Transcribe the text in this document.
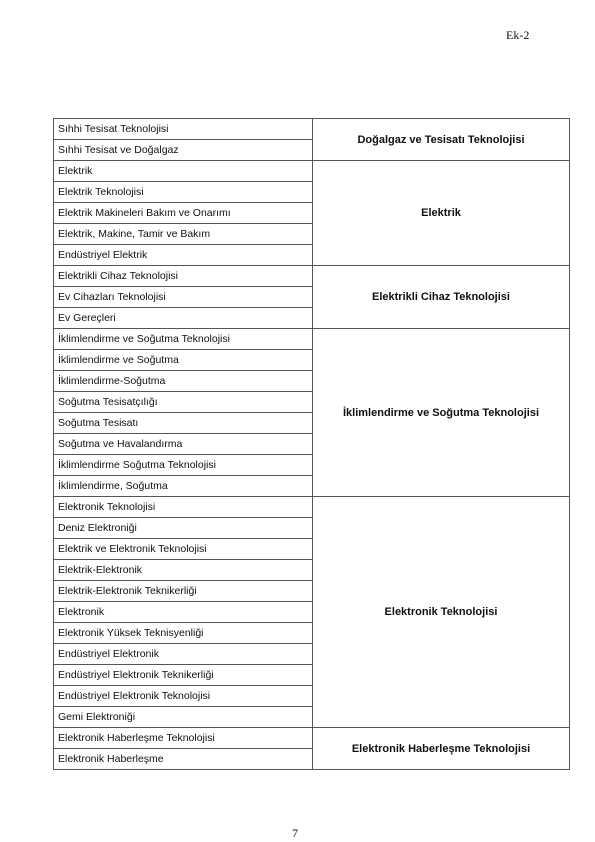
Ek-2
Sıhhi Tesisat Teknolojisi	Doğalgaz ve Tesisatı Teknolojisi
Sıhhi Tesisat ve Doğalgaz	
Elektrik	Elektrik
Elektrik Teknolojisi	
Elektrik Makineleri Bakım ve Onarımı	
Elektrik, Makine, Tamir ve Bakım	
Endüstriyel Elektrik	
Elektrikli Cihaz Teknolojisi	Elektrikli Cihaz Teknolojisi
Ev Cihazları Teknolojisi	
Ev Gereçleri	
İklimlendirme ve Soğutma Teknolojisi	İklimlendirme ve Soğutma Teknolojisi
İklimlendirme ve Soğutma	
İklimlendirme-Soğutma	
Soğutma Tesisatçılığı	
Soğutma Tesisatı	
Soğutma ve Havalandırma	
İklimlendirme Soğutma Teknolojisi	
İklimlendirme, Soğutma	
Elektronik Teknolojisi	Elektronik Teknolojisi
Deniz Elektroniği	
Elektrik ve Elektronik Teknolojisi	
Elektrik-Elektronik	
Elektrik-Elektronik Teknikerliği	
Elektronik	
Elektronik Yüksek Teknisyenliği	
Endüstriyel Elektronik	
Endüstriyel Elektronik Teknikerliği	
Endüstriyel Elektronik Teknolojisi	
Gemi Elektroniği	
Elektronik Haberleşme Teknolojisi	Elektronik Haberleşme Teknolojisi
Elektronik Haberleşme	
7
